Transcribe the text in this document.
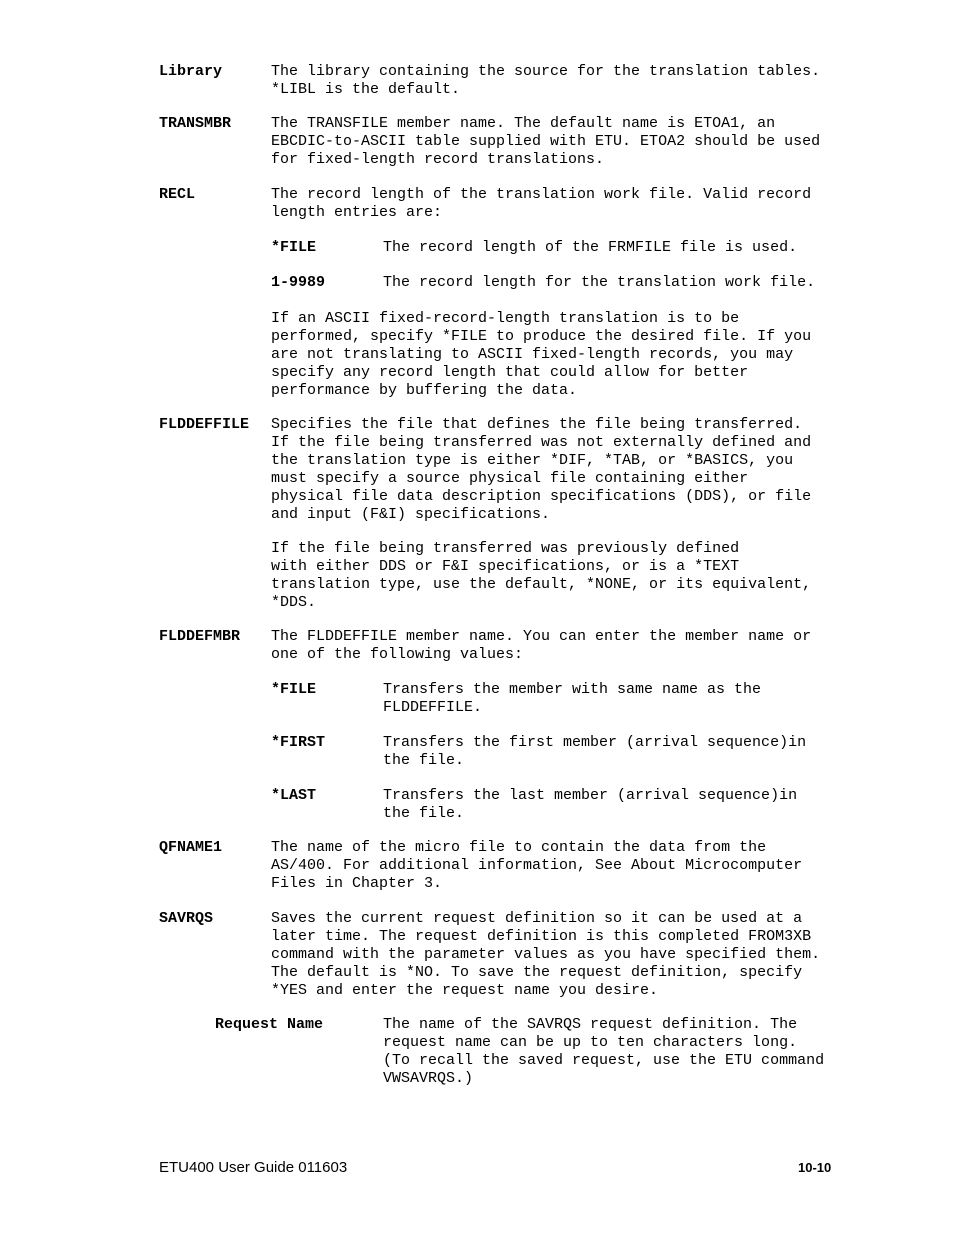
Library	The library containing the source for the translation tables.
*LIBL is the default.
TRANSMBR	The TRANSFILE member name. The default name is ETOA1, an
EBCDIC-to-ASCII table supplied with ETU. ETOA2 should be used
for fixed-length record translations.
RECL	The record length of the translation work file. Valid record
length entries are:
*FILE	The record length of the FRMFILE file is used.
1-9989	The record length for the translation work file.
If an ASCII fixed-record-length translation is to be
performed, specify *FILE to produce the desired file. If you
are not translating to ASCII fixed-length records, you may
specify any record length that could allow for better
performance by buffering the data.
FLDDEFFILE Specifies the file that defines the file being transferred.
If the file being transferred was not externally defined and
the translation type is either *DIF, *TAB, or *BASICS, you
must specify a source physical file containing either
physical file data description specifications (DDS), or file
and input (F&I) specifications.
If the file being transferred was previously defined
with either DDS or F&I specifications, or is a *TEXT
translation type, use the default, *NONE, or its equivalent,
*DDS.
FLDDEFMBR The FLDDEFFILE member name. You can enter the member name or
one of the following values:
*FILE	Transfers the member with same name as the
FLDDEFFILE.
*FIRST	Transfers the first member (arrival sequence)in
the file.
*LAST	Transfers the last member (arrival sequence)in
the file.
QFNAME1	The name of the micro file to contain the data from the
AS/400. For additional information, See About Microcomputer
Files in Chapter 3.
SAVRQS	Saves the current request definition so it can be used at a
later time. The request definition is this completed FROM3XB
command with the parameter values as you have specified them.
The default is *NO. To save the request definition, specify
*YES and enter the request name you desire.
Request Name	The name of the SAVRQS request definition. The
request name can be up to ten characters long.
(To recall the saved request, use the ETU command
VWSAVRQS.)
ETU400 User Guide 011603	10-10
